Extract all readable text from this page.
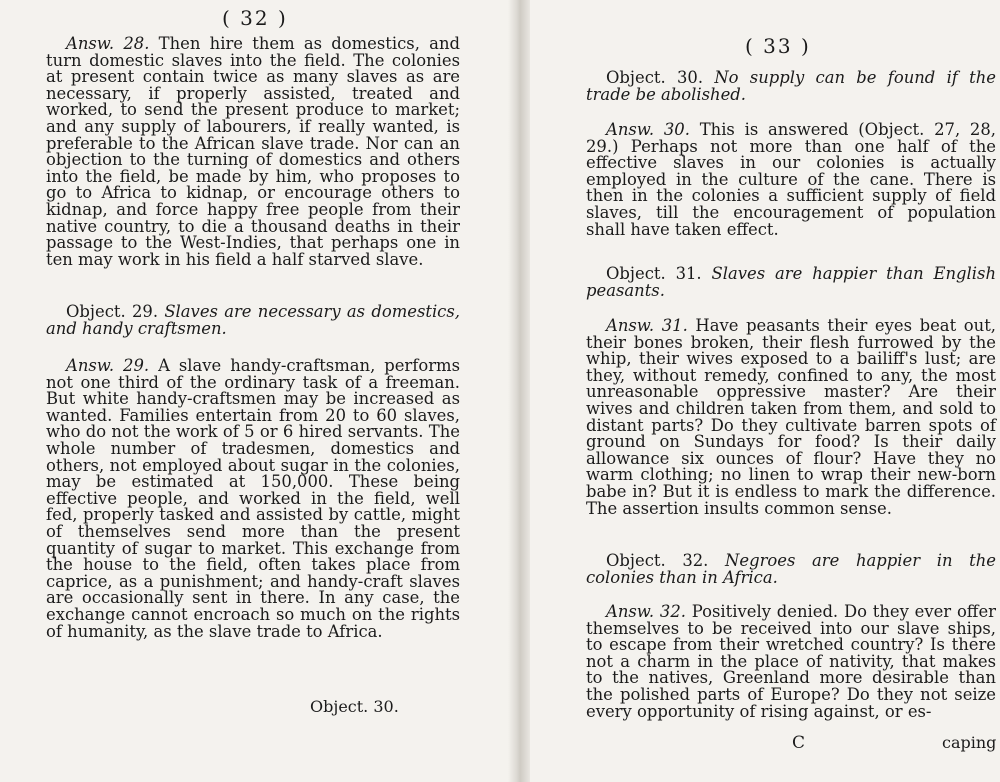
( 32 )

Answ. 28. Then hire them as domestics, and turn domestic slaves into the field. The colonies at present contain twice as many slaves as are necessary, if properly assisted, treated and worked, to send the present produce to market; and any supply of labourers, if really wanted, is preferable to the African slave trade. Nor can an objection to the turning of domestics and others into the field, be made by him, who proposes to go to Africa to kidnap, or encourage others to kidnap, and force happy free people from their native country, to die a thousand deaths in their passage to the West-Indies, that perhaps one in ten may work in his field a half starved slave.

Object. 29. Slaves are necessary as domestics, and handy craftsmen.

Answ. 29. A slave handy-craftsman, performs not one third of the ordinary task of a freeman. But white handy-craftsmen may be increased as wanted. Families entertain from 20 to 60 slaves, who do not the work of 5 or 6 hired servants. The whole number of tradesmen, domestics and others, not employed about sugar in the colonies, may be estimated at 150,000. These being effective people, and worked in the field, well fed, properly tasked and assisted by cattle, might of themselves send more than the present quantity of sugar to market. This exchange from the house to the field, often takes place from caprice, as a punishment; and handy-craft slaves are occasionally sent in there. In any case, the exchange cannot encroach so much on the rights of humanity, as the slave trade to Africa.

Object. 30.
( 33 )

Object. 30. No supply can be found if the trade be abolished.

Answ. 30. This is answered (Object. 27, 28, 29.) Perhaps not more than one half of the effective slaves in our colonies is actually employed in the culture of the cane. There is then in the colonies a sufficient supply of field slaves, till the encouragement of population shall have taken effect.

Object. 31. Slaves are happier than English peasants.

Answ. 31. Have peasants their eyes beat out, their bones broken, their flesh furrowed by the whip, their wives exposed to a bailiff's lust; are they, without remedy, confined to any, the most unreasonable oppressive master? Are their wives and children taken from them, and sold to distant parts? Do they cultivate barren spots of ground on Sundays for food? Is their daily allowance six ounces of flour? Have they no warm clothing; no linen to wrap their new-born babe in? But it is endless to mark the difference. The assertion insults common sense.

Object. 32. Negroes are happier in the colonies than in Africa.

Answ. 32. Positively denied. Do they ever offer themselves to be received into our slave ships, to escape from their wretched country? Is there not a charm in the place of nativity, that makes to the natives, Greenland more desirable than the polished parts of Europe? Do they not seize every opportunity of rising against, or es-

C	caping
